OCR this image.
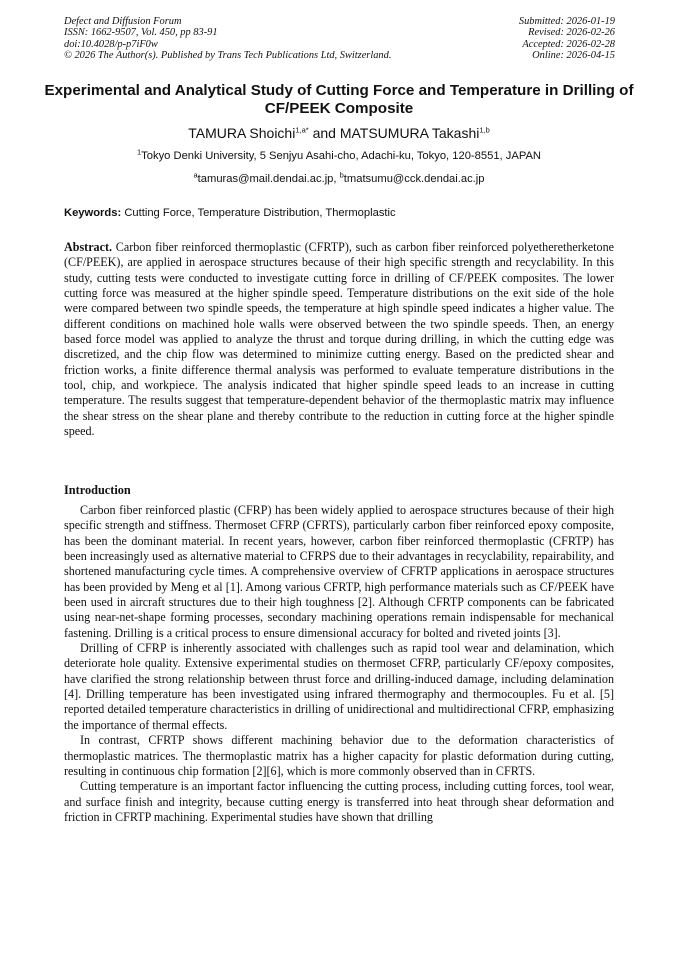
Defect and Diffusion Forum
ISSN: 1662-9507, Vol. 450, pp 83-91
doi:10.4028/p-p7iF0w
© 2026 The Author(s). Published by Trans Tech Publications Ltd, Switzerland.
Submitted: 2026-01-19
Revised: 2026-02-26
Accepted: 2026-02-28
Online: 2026-04-15
Experimental and Analytical Study of Cutting Force and Temperature in Drilling of CF/PEEK Composite
TAMURA Shoichi$^{1,a*}$ and MATSUMURA Takashi$^{1,b}$
$^1$Tokyo Denki University, 5 Senjyu Asahi-cho, Adachi-ku, Tokyo, 120-8551, JAPAN
$^a$tamuras@mail.dendai.ac.jp, $^b$tmatsumu@cck.dendai.ac.jp
Keywords: Cutting Force, Temperature Distribution, Thermoplastic
Abstract. Carbon fiber reinforced thermoplastic (CFRTP), such as carbon fiber reinforced polyetheretherketone (CF/PEEK), are applied in aerospace structures because of their high specific strength and recyclability. In this study, cutting tests were conducted to investigate cutting force in drilling of CF/PEEK composites. The lower cutting force was measured at the higher spindle speed. Temperature distributions on the exit side of the hole were compared between two spindle speeds, the temperature at high spindle speed indicates a higher value. The different conditions on machined hole walls were observed between the two spindle speeds. Then, an energy based force model was applied to analyze the thrust and torque during drilling, in which the cutting edge was discretized, and the chip flow was determined to minimize cutting energy. Based on the predicted shear and friction works, a finite difference thermal analysis was performed to evaluate temperature distributions in the tool, chip, and workpiece. The analysis indicated that higher spindle speed leads to an increase in cutting temperature. The results suggest that temperature-dependent behavior of the thermoplastic matrix may influence the shear stress on the shear plane and thereby contribute to the reduction in cutting force at the higher spindle speed.
Introduction

Carbon fiber reinforced plastic (CFRP) has been widely applied to aerospace structures because of their high specific strength and stiffness. Thermoset CFRP (CFRTS), particularly carbon fiber reinforced epoxy composite, has been the dominant material. In recent years, however, carbon fiber reinforced thermoplastic (CFRTP) has been increasingly used as alternative material to CFRPS due to their advantages in recyclability, repairability, and shortened manufacturing cycle times. A comprehensive overview of CFRTP applications in aerospace structures has been provided by Meng et al [1]. Among various CFRTP, high performance materials such as CF/PEEK have been used in aircraft structures due to their high toughness [2]. Although CFRTP components can be fabricated using near-net-shape forming processes, secondary machining operations remain indispensable for mechanical fastening. Drilling is a critical process to ensure dimensional accuracy for bolted and riveted joints [3].

Drilling of CFRP is inherently associated with challenges such as rapid tool wear and delamination, which deteriorate hole quality. Extensive experimental studies on thermoset CFRP, particularly CF/epoxy composites, have clarified the strong relationship between thrust force and drilling-induced damage, including delamination [4]. Drilling temperature has been investigated using infrared thermography and thermocouples. Fu et al. [5] reported detailed temperature characteristics in drilling of unidirectional and multidirectional CFRP, emphasizing the importance of thermal effects.

In contrast, CFRTP shows different machining behavior due to the deformation characteristics of thermoplastic matrices. The thermoplastic matrix has a higher capacity for plastic deformation during cutting, resulting in continuous chip formation [2][6], which is more commonly observed than in CFRTS.

Cutting temperature is an important factor influencing the cutting process, including cutting forces, tool wear, and surface finish and integrity, because cutting energy is transferred into heat through shear deformation and friction in CFRTP machining. Experimental studies have shown that drilling
